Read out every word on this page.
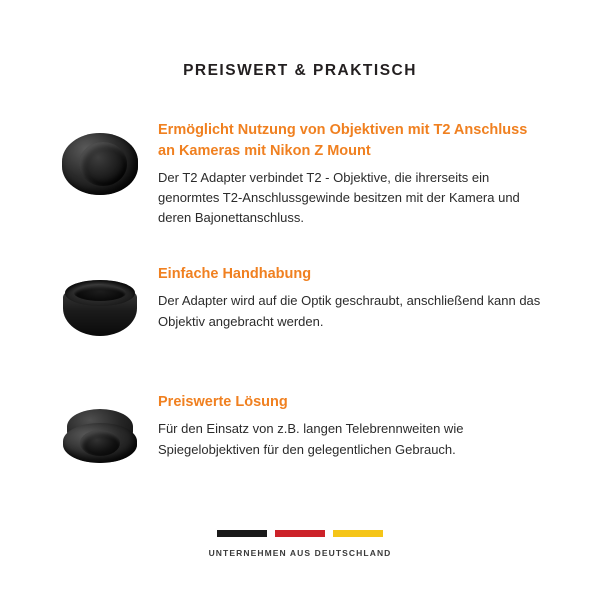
PREISWERT & PRAKTISCH

Ermöglicht Nutzung von Objektiven mit T2 Anschluss an Kameras mit Nikon Z Mount

Der T2 Adapter verbindet T2 - Objektive, die ihrerseits ein genormtes T2-Anschlussgewinde besitzen mit der Kamera und deren Bajonettanschluss.

Einfache Handhabung

Der Adapter wird auf die Optik geschraubt, anschließend kann das Objektiv angebracht werden.

Preiswerte Lösung

Für den Einsatz von z.B. langen Telebrennweiten wie Spiegelobjektiven für den gelegentlichen Gebrauch.

UNTERNEHMEN AUS DEUTSCHLAND
